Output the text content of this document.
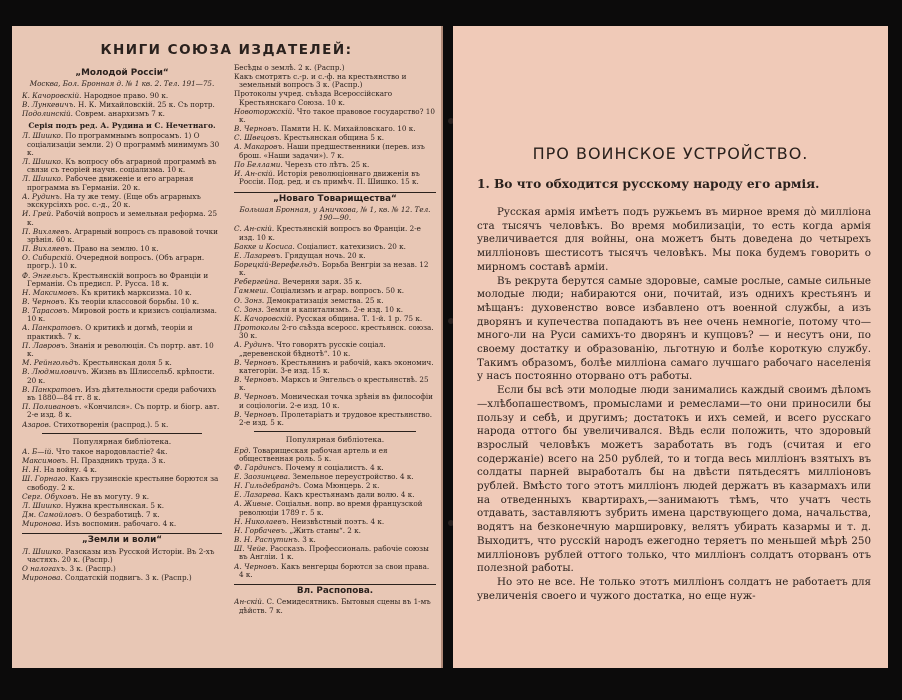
КНИГИ СОЮЗА ИЗДАТЕЛЕЙ:
„Молодой Россіи“
Москва, Бол. Бронная д. № 1 кв. 2. Тел. 191—75.
К. Качоровскій. Народное право. 90 к.
В. Лункевичъ. Н. К. Михайловскій. 25 к. Съ портр.
Подолинскій. Соврем. анархизмъ 7 к.
Серія подъ ред. А. Рудина и С. Нечетнаго.
Л. Шишко. По программнымъ вопросамъ. 1) О соціализаціи земли. 2) О программѣ минимумъ 30 к.
Л. Шишко. Къ вопросу объ аграрной программѣ въ связи съ теоріей научн. соціализма. 10 к.
Л. Шишко. Рабочее движеніе и его аграрная программа въ Германіи. 20 к.
А. Рудинъ. На ту же тему. (Еще объ аграрныхъ экскурсіяхъ рос. с.-д., 20 к.
И. Грей. Рабочій вопросъ и земельная реформа. 25 к.
П. Вихляевъ. Аграрный вопросъ съ правовой точки зрѣнія. 60 к.
П. Вихляевъ. Право на землю. 10 к.
О. Сибирскій. Очередной вопросъ. (Объ аграрн. прогр.). 10 к.
Ф. Энгельсъ. Крестьянскій вопросъ во Франціи и Германіи. Съ предисл. Р. Русса. 18 к.
Н. Максимовъ. Къ критикѣ марксизма. 10 к.
В. Черновъ. Къ теоріи классовой борьбы. 10 к.
В. Тарасовъ. Мировой рость и кризисъ соціализма. 10 к.
А. Панкратовъ. О критикѣ и догмѣ, теоріи и практикѣ. 7 к.
П. Лавровъ. Знанія и революція. Съ портр. авт. 10 к.
М. Рейнгольдъ. Крестьянская доля 5 к.
В. Людмиловичъ. Жизнь въ Шлиссельб. крѣпости. 20 к.
В. Панкратовъ. Изъ дѣятельности среди рабочихъ въ 1880—84 гг. 8 к.
П. Поливановъ. «Кончился». Съ портр. и біогр. авт. 2-е изд. 8 к.
Азаров. Стихотворенія (распрод.). 5 к.
Популярная библіотека.
А. Б—ій. Что такое народовластіе? 4к.
Максимовъ. Н. Праздникъ труда. 3 к.
Н. Н. На войну. 4 к.
Ш. Горнаго. Какъ грузинскіе крестьяне борются за свободу. 2 к.
Серг. Обуховъ. Не въ могуту. 9 к.
Л. Шишко. Нужна крестьянская. 5 к.
Дм. Самойловъ. О безработицѣ. 7 к.
Миронова. Изъ воспомин. рабочаго. 4 к.
„Земли и воли“
Л. Шишко. Разсказы изъ Русской Исторіи. Въ 2-хъ частяхъ. 20 к. (Распр.)
О налогахъ. 3 к. (Распр.)
Миронова. Солдатскій подвигъ. 3 к. (Распр.)
Бесѣды о землѣ. 2 к. (Распр.)
Какъ смотрятъ с.-р. и с.-ф. на крестьянство и земельный вопросъ 3 к. (Распр.)
Протоколы учред. съѣзда Всероссійскаго Крестьянскаго Союза. 10 к.
Новоторжскій. Что такое правовое государство? 10 к.
В. Черновъ. Памяти Н. К. Михайловскаго. 10 к.
С. Швецовъ. Крестьянская община 5 к.
А. Макаровъ. Наши предшественники (перев. изъ брош. «Наши задачи»). 7 к.
По Беллами. Черезъ сто лѣтъ. 25 к.
И. Ан-скій. Исторія революціоннаго движенія въ Россіи. Под. ред. и съ примѣч. П. Шишко. 15 к.
„Новаго Товарищества“
Большая Бронная, у Аничкова, № 1, кв. № 12. Тел. 190—90.
С. Ан-скій. Крестьянскій вопросъ во Франціи. 2-е изд. 10 к.
Бакке и Косиса. Соціалист. катехизисъ. 20 к.
Е. Лазаревъ. Грядущая ночь. 20 к.
Борецкій-Верефельдъ. Борьба Венгріи за незав. 12 к.
Ребергейна. Вечерняя заря. 35 к.
Гаммеш. Соціализмъ и аграр. вопросъ. 50 к.
О. Зонз. Демократизація земства. 25 к.
С. Зонз. Земля и капитализмъ. 2-е изд. 10 к.
К. Качоровскій. Русская община. Т. 1-й. 1 р. 75 к.
Протоколы 2-го съѣзда всеросс. крестьянск. союза. 30 к.
А. Рудинъ. Что говорятъ русскіе соціал. „деревенской бѣднотѣ“. 10 к.
В. Черновъ. Крестьянинъ и рабочій, какъ экономич. категоріи. 3-е изд. 15 к.
В. Черновъ. Марксъ и Энгельсъ о крестьянствѣ. 25 к.
В. Черновъ. Моническая точка зрѣнія въ философіи и соціологіи. 2-е изд. 10 к.
В. Черновъ. Пролетаріатъ и трудовое крестьянство. 2-е изд. 5 к.
Популярная библіотека.
Ерд. Товарищеская рабочая артель и ея общественная роль. 5 к.
Ф. Гардинсъ. Почему я соціалистъ. 4 к.
Е. Заозинцева. Земельное переустройство. 4 к.
Н. Гильдебрандъ. Сома Мюнцерь. 2 к.
Е. Лазарева. Какъ крестьянамъ дали волю. 4 к.
А. Живые. Соціальн. вопр. во время французской революціи 1789 г. 5 к.
Н. Николаевъ. Неизвѣстный поэтъ. 4 к.
Н. Горбачевъ. „Жить станы“. 2 к.
В. Н. Распутинъ. 3 к.
Ш. Чейе. Рассказъ. Профессиональ. рабочіе союзы въ Англіи. 1 к.
А. Черновъ. Какъ венгерцы борются за свои права. 4 к.
Вл. Распопова.
Ан-скій. С. Семидесятникъ. Бытовыя сцены въ 1-мъ дѣйств. 7 к.
ПРО ВОИНСКОЕ УСТРОЙСТВО.
1. Во что обходится русскому народу его армія.

Русская армія имѣетъ подъ ружьемъ въ мирное время до̀ миллiона ста тысячъ человѣкъ. Во время мобилизаціи, то есть когда армія увеличивается для войны, она можетъ быть доведена до четырехъ милліоновъ шестисотъ тысячъ человѣкъ. Мы пока будемъ говорить о мирномъ составѣ арміи.

Въ рекрута берутся самые здоровые, самые рослые, самые сильные молодые люди; набираются они, почитай, изъ однихъ крестьянъ и мѣщанъ: духовенство вовсе избавлено отъ военной службы, а изъ дворянъ и купечества попадаютъ въ нее очень немногіе, потому что—много-ли на Руси самихъ-то дворянъ и купцовъ? — и несутъ они, по своему достатку и образованію, льготную и болѣе короткую службу. Такимъ образомъ, болѣе милліона самаго лучшаго рабочаго населенія у насъ постоянно оторвано отъ работы.

Если бы всѣ эти молодые люди занимались каждый своимъ дѣломъ—хлѣбопашествомъ, промыслами и ремеслами—то они приносили бы пользу и себѣ, и другимъ; достатокъ и ихъ семей, и всего русскаго народа оттого бы увеличивался. Вѣдь если положить, что здоровый взрослый человѣкъ можетъ заработать въ годъ (считая и его содержаніе) всего на 250 рублей, то и тогда весь милліонъ взятыхъ въ солдаты парней выработалъ бы на двѣсти пятьдесятъ милліоновъ рублей. Вмѣсто того этотъ милліонъ людей держатъ въ казармахъ или на отведенныхъ квартирахъ,—занимаютъ тѣмъ, что учатъ честь отдавать, заставляютъ зубрить имена царствующего дома, начальства, водятъ на безконечную маршировку, велятъ убирать казармы и т. д. Выходитъ, что русскій народъ ежегодно теряетъ по меньшей мѣрѣ 250 милліоновъ рублей оттого только, что милліонъ солдатъ оторванъ отъ полезной работы.

Но это не все. Не только этотъ милліонъ солдатъ не работаетъ для увеличенія своего и чужого достатка, но еще нуж-
